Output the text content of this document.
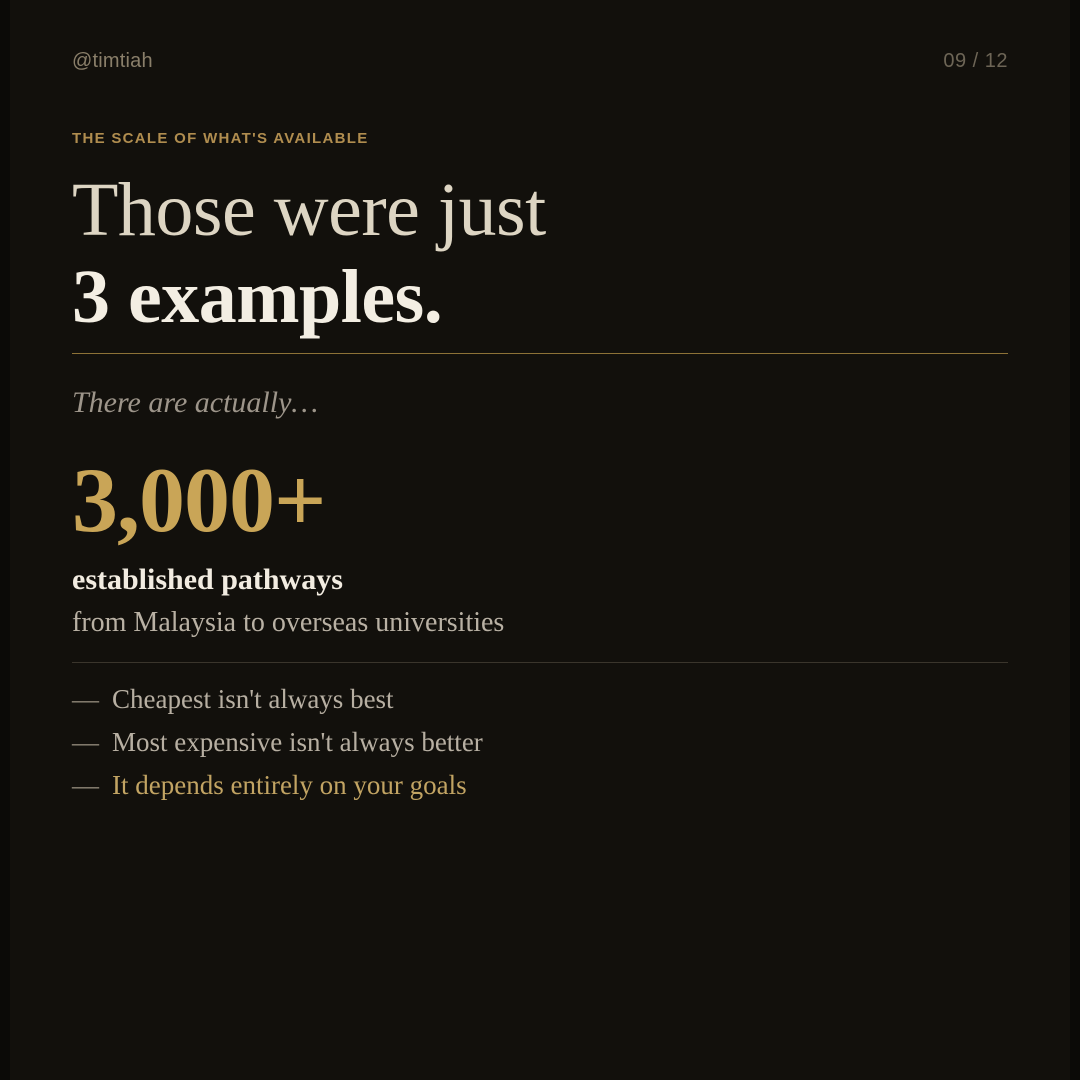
@timtiah	09 / 12
THE SCALE OF WHAT'S AVAILABLE
Those were just
3 examples.
There are actually…
3,000+
established pathways
from Malaysia to overseas universities
— Cheapest isn't always best
— Most expensive isn't always better
— It depends entirely on your goals
